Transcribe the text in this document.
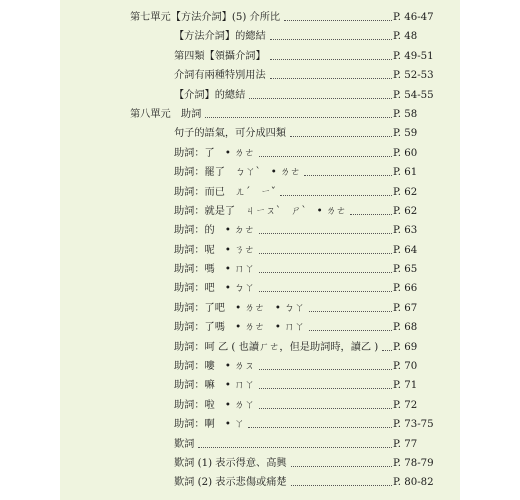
第七單元【方法介詞】(5) 介所比	P. 46-47
【方法介詞】的總結	P. 48
第四類【領攝介詞】	P. 49-51
介詞有兩種特別用法	P. 52-53
【介詞】的總結	P. 54-55
第八單元　助詞	P. 58
句子的語氣，可分成四類	P. 59
助詞：了　• ㄌㄜ	P. 60
助詞：罷了　ㄅㄚˋ　• ㄌㄜ	P. 61
助詞：而已　ㄦˊ　ㄧˇ	P. 62
助詞：就是了　ㄐㄧㄡˋ　ㄕˋ　• ㄌㄜ	P. 62
助詞：的　• ㄉㄜ	P. 63
助詞：呢　• ㄋㄜ	P. 64
助詞：嗎　• ㄇㄚ	P. 65
助詞：吧　• ㄅㄚ	P. 66
助詞：了吧　• ㄌㄜ　• ㄅㄚ	P. 67
助詞：了嗎　• ㄌㄜ　• ㄇㄚ	P. 68
助詞：呵 乙 ( 也讀ㄏㄜ，但是助詞時，讀乙 ) P. 69
助詞：嘍　• ㄌㄡ	P. 70
助詞：嘛　• ㄇㄚ	P. 71
助詞：啦　• ㄌㄚ	P. 72
助詞：啊　• ㄚ	P. 73-75
歎詞	P. 77
歎詞 (1) 表示得意、高興	P. 78-79
歎詞 (2) 表示悲傷或痛楚	P. 80-82
